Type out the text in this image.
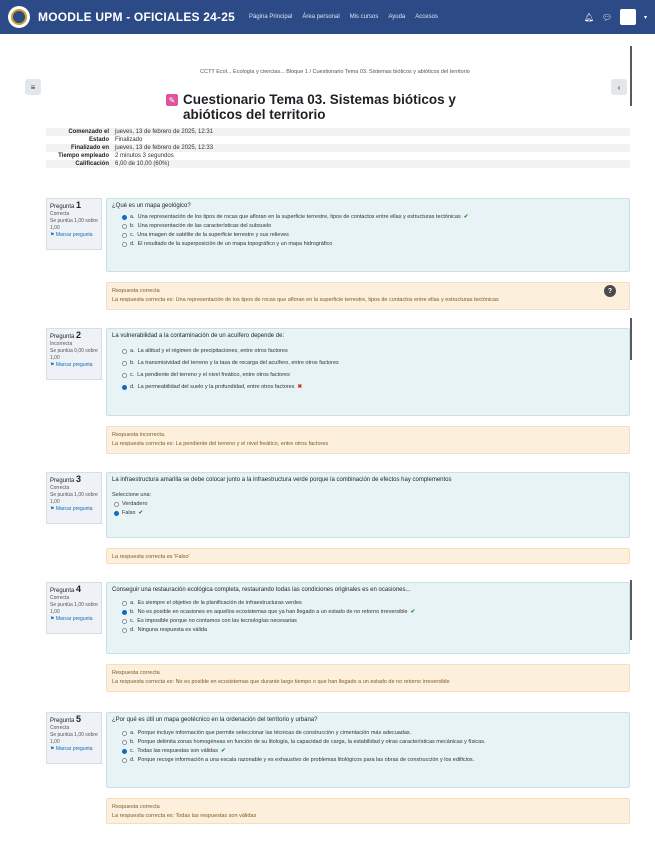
MOODLE UPM - OFICIALES 24-25 Página Principal Área personal Mis cursos Ayuda Accesos	🔔︎ 💬︎	▾
≡	‹
CCTT Ecol... Ecología y ciencias... Bloque 1 / Cuestionario Tema 03. Sistemas bióticos y abióticos del territorio
✎ Cuestionario Tema 03. Sistemas bióticos y abióticos del territorio
Comenzado el	jueves, 13 de febrero de 2025, 12:31
Estado	Finalizado
Finalizado en	jueves, 13 de febrero de 2025, 12:33
Tiempo empleado	2 minutos 3 segundos
Calificación	6,00 de 10,00 (60%)
Pregunta 1
Correcta
Se puntúa 1,00 sobre 1,00
⚑ Marcar pregunta
¿Qué es un mapa geológico?
a. Una representación de los tipos de rocas que afloran en la superficie terrestre, tipos de contactos entre ellas y estructuras tectónicas ✔
b. Una representación de las características del subsuelo
c. Una imagen de satélite de la superficie terrestre y sus relieves
d. El resultado de la superposición de un mapa topográfico y un mapa hidrográfico
Respuesta correcta
La respuesta correcta es: Una representación de los tipos de rocas que afloran en la superficie terrestre, tipos de contactos entre ellas y estructuras tectónicas
?
Pregunta 2
Incorrecta
Se puntúa 0,00 sobre 1,00
⚑ Marcar pregunta
La vulnerabilidad a la contaminación de un acuífero depende de:
a. La altitud y el régimen de precipitaciones, entre otros factores
b. La transmisividad del terreno y la tasa de recarga del acuífero, entre otros factores
c. La pendiente del terreno y el nivel freático, entre otros factores
d. La permeabilidad del suelo y la profundidad, entre otros factores ✖
Respuesta incorrecta.
La respuesta correcta es: La pendiente del terreno y el nivel freático, entre otros factores
Pregunta 3
Correcta
Se puntúa 1,00 sobre 1,00
⚑ Marcar pregunta
La infraestructura amarilla se debe colocar junto a la infraestructura verde porque la combinación de efectos hay complementos
Seleccione una:
Verdadero
Falso ✔
La respuesta correcta es 'Falso'
Pregunta 4
Correcta
Se puntúa 1,00 sobre 1,00
⚑ Marcar pregunta
Conseguir una restauración ecológica completa, restaurando todas las condiciones originales es en ocasiones...
a. Es siempre el objetivo de la planificación de infraestructuras verdes
b. No es posible en ocasiones en aquellos ecosistemas que ya han llegado a un estado de no retorno irreversible ✔
c. Es imposible porque no contamos con las tecnologías necesarias
d. Ninguna respuesta es válida
Respuesta correcta
La respuesta correcta es: No es posible en ecosistemas que durante largo tiempo o que han llegado a un estado de no retorno irreversible
Pregunta 5
Correcta
Se puntúa 1,00 sobre 1,00
⚑ Marcar pregunta
¿Por qué es útil un mapa geotécnico en la ordenación del territorio y urbana?
a. Porque incluye información que permite seleccionar las técnicas de construcción y cimentación más adecuadas.
b. Porque delimita zonas homogéneas en función de su litología, la capacidad de carga, la estabilidad y otras características mecánicas y físicas.
c. Todas las respuestas son válidas ✔
d. Porque recoge información a una escala razonable y es exhaustivo de problemas litológicos para las obras de construcción y los edificios.
Respuesta correcta
La respuesta correcta es: Todas las respuestas son válidas
